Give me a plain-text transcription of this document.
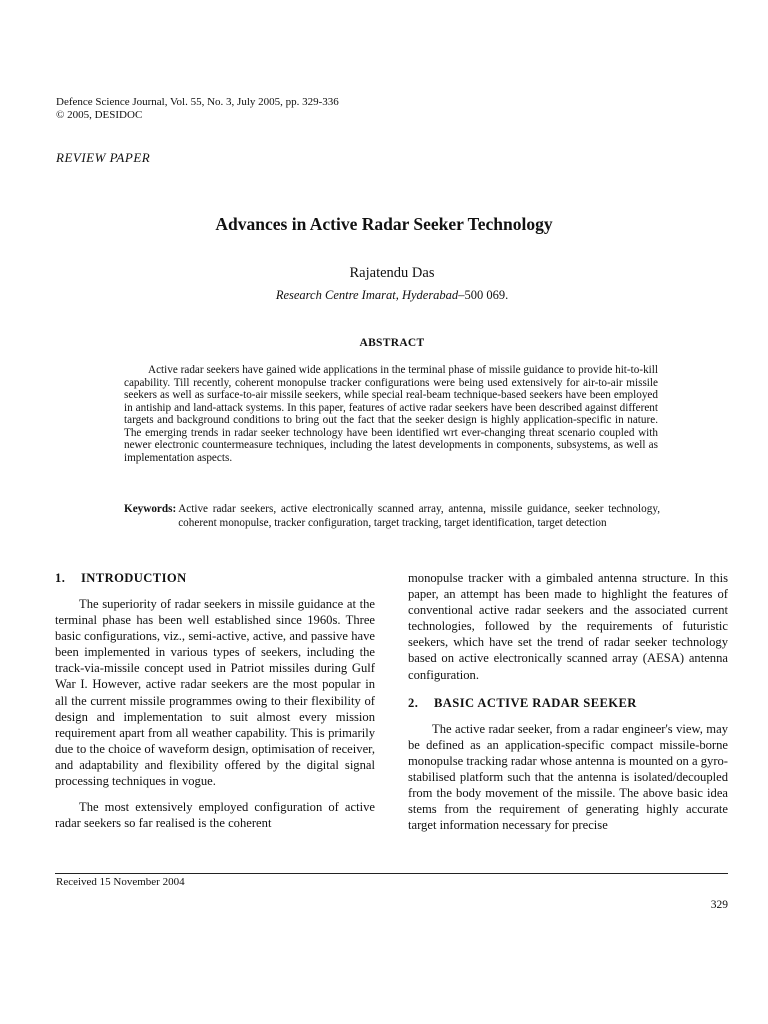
Defence Science Journal, Vol. 55, No. 3, July 2005, pp. 329-336
© 2005, DESIDOC
REVIEW PAPER
Advances in Active Radar Seeker Technology
Rajatendu Das
Research Centre Imarat, Hyderabad–500 069.
ABSTRACT

Active radar seekers have gained wide applications in the terminal phase of missile guidance to provide hit-to-kill capability. Till recently, coherent monopulse tracker configurations were being used extensively for air-to-air missile seekers as well as surface-to-air missile seekers, while special real-beam technique-based seekers have been employed in antiship and land-attack systems. In this paper, features of active radar seekers have been described against different targets and background conditions to bring out the fact that the seeker design is highly application-specific in nature. The emerging trends in radar seeker technology have been identified wrt ever-changing threat scenario coupled with newer electronic countermeasure techniques, including the latest developments in components, subsystems, as well as implementation aspects.

Keywords: Active radar seekers, active electronically scanned array, antenna, missile guidance, seeker technology, coherent monopulse, tracker configuration, target tracking, target identification, target detection
1. INTRODUCTION

The superiority of radar seekers in missile guidance at the terminal phase has been well established since 1960s. Three basic configurations, viz., semi-active, active, and passive have been implemented in various types of seekers, including the track-via-missile concept used in Patriot missiles during Gulf War I. However, active radar seekers are the most popular in all the current missile programmes owing to their flexibility of design and implementation to suit almost every mission requirement apart from all weather capability. This is primarily due to the choice of waveform design, optimisation of receiver, and adaptability and flexibility offered by the digital signal processing techniques in vogue.

The most extensively employed configuration of active radar seekers so far realised is the coherent

monopulse tracker with a gimbaled antenna structure. In this paper, an attempt has been made to highlight the features of conventional active radar seekers and the associated current technologies, followed by the requirements of futuristic seekers, which have set the trend of radar seeker technology based on active electronically scanned array (AESA) antenna configuration.

2. BASIC ACTIVE RADAR SEEKER

The active radar seeker, from a radar engineer's view, may be defined as an application-specific compact missile-borne monopulse tracking radar whose antenna is mounted on a gyro-stabilised platform such that the antenna is isolated/decoupled from the body movement of the missile. The above basic idea stems from the requirement of generating highly accurate target information necessary for precise

Received 15 November 2004
329
